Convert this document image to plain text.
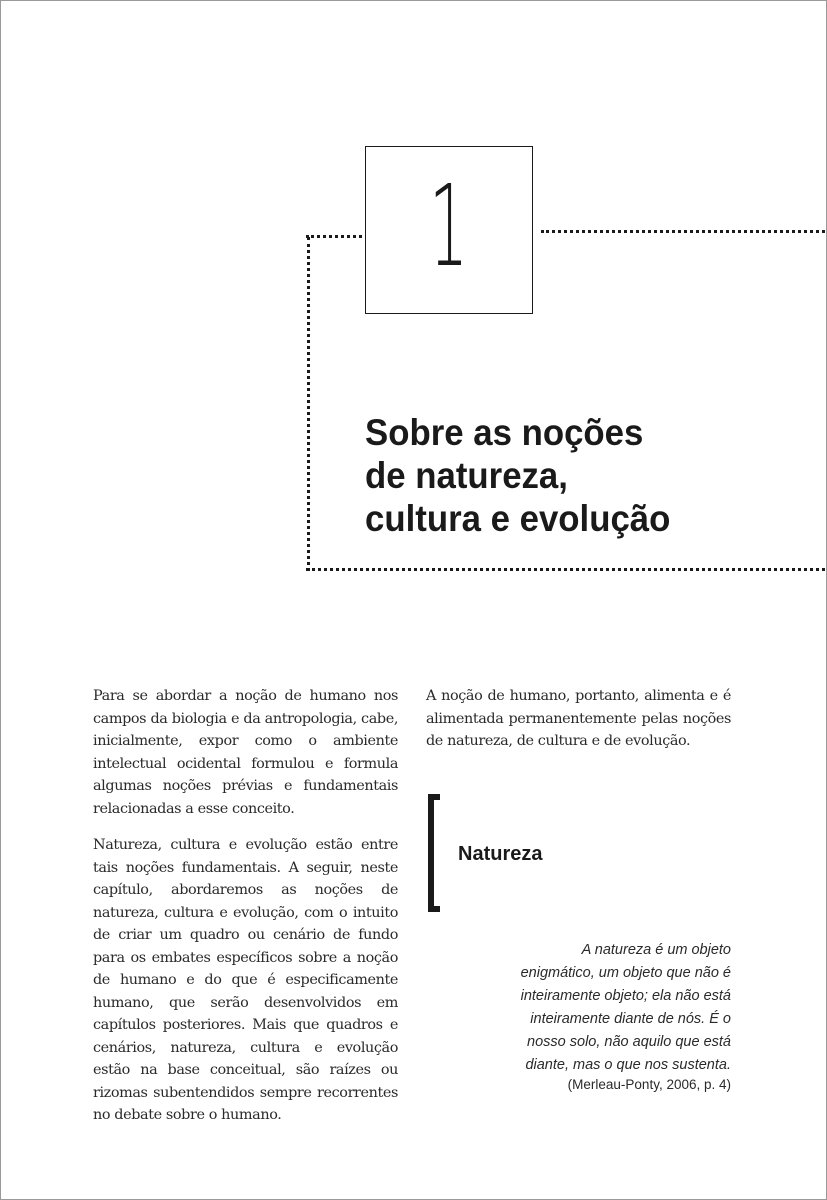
1
Sobre as noções
de natureza,
cultura e evolução

Para se abordar a noção de humano nos campos da biologia e da antropologia, cabe, inicialmente, expor como o ambiente intelectual ocidental formulou e formula algumas noções prévias e fundamentais relacionadas a esse conceito.

Natureza, cultura e evolução estão entre tais noções fundamentais. A seguir, neste capítulo, abordaremos as noções de natureza, cultura e evolução, com o intuito de criar um quadro ou cenário de fundo para os embates específicos sobre a noção de humano e do que é especificamente humano, que serão desenvolvidos em capítulos posteriores. Mais que quadros e cenários, natureza, cultura e evolução estão na base conceitual, são raízes ou rizomas subentendidos sempre recorrentes no debate sobre o humano.

A noção de humano, portanto, alimenta e é alimentada permanentemente pelas noções de natureza, de cultura e de evolução.

Natureza
A natureza é um objeto
enigmático, um objeto que não é
inteiramente objeto; ela não está
inteiramente diante de nós. É o
nosso solo, não aquilo que está
diante, mas o que nos sustenta.
(Merleau-Ponty, 2006, p. 4)
